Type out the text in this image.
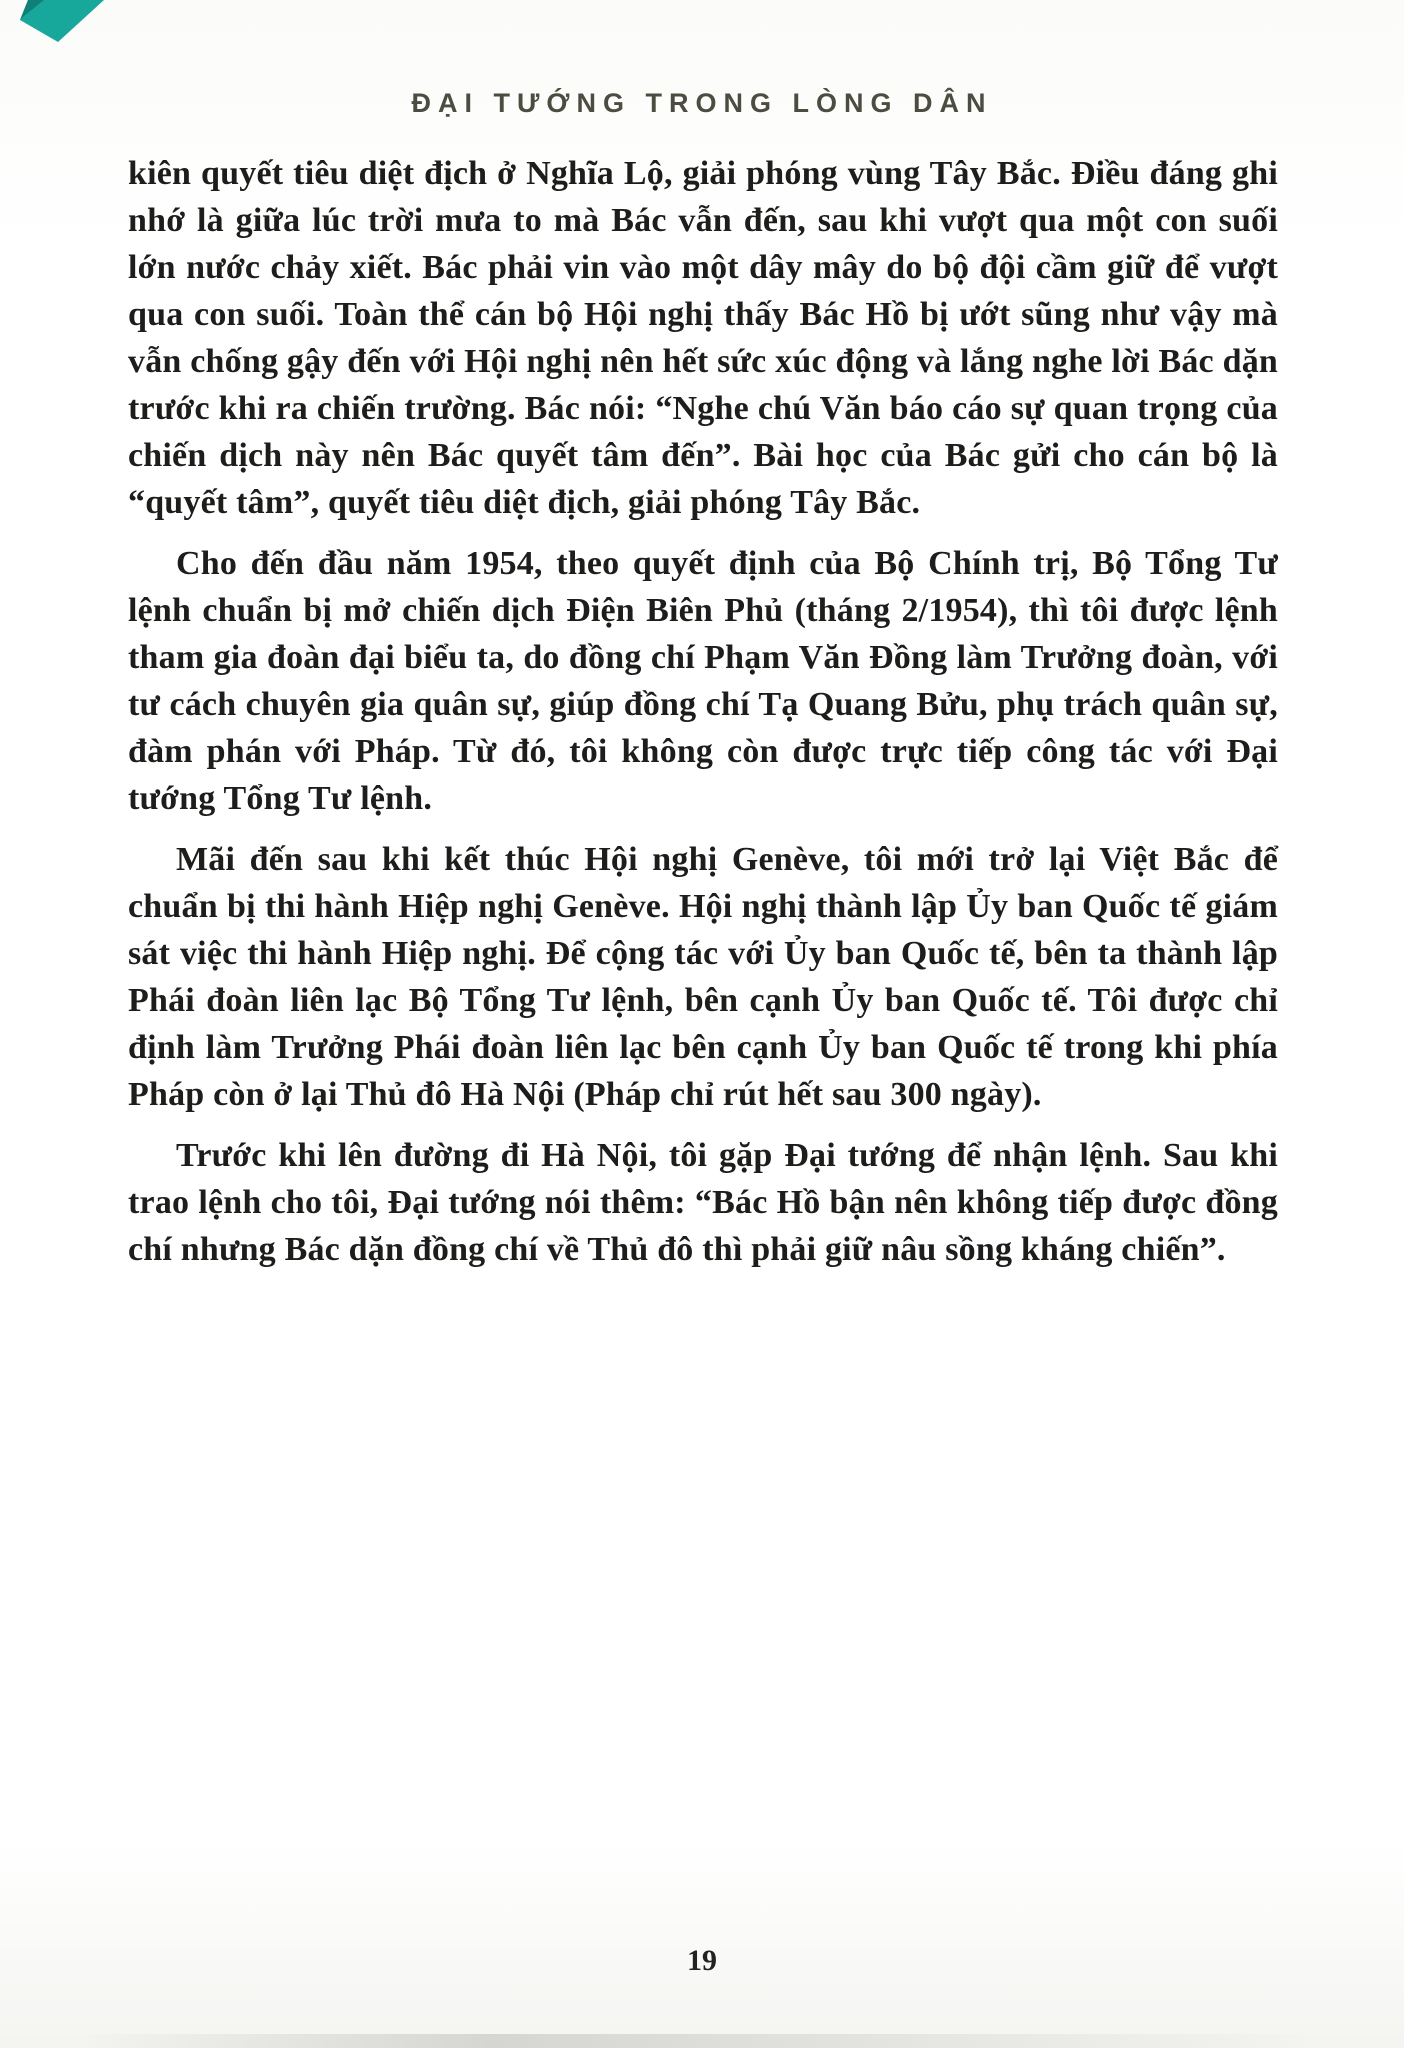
ĐẠI TƯỚNG TRONG LÒNG DÂN

kiên quyết tiêu diệt địch ở Nghĩa Lộ, giải phóng vùng Tây Bắc. Điều đáng ghi nhớ là giữa lúc trời mưa to mà Bác vẫn đến, sau khi vượt qua một con suối lớn nước chảy xiết. Bác phải vin vào một dây mây do bộ đội cầm giữ để vượt qua con suối. Toàn thể cán bộ Hội nghị thấy Bác Hồ bị ướt sũng như vậy mà vẫn chống gậy đến với Hội nghị nên hết sức xúc động và lắng nghe lời Bác dặn trước khi ra chiến trường. Bác nói: “Nghe chú Văn báo cáo sự quan trọng của chiến dịch này nên Bác quyết tâm đến”. Bài học của Bác gửi cho cán bộ là “quyết tâm”, quyết tiêu diệt địch, giải phóng Tây Bắc.

Cho đến đầu năm 1954, theo quyết định của Bộ Chính trị, Bộ Tổng Tư lệnh chuẩn bị mở chiến dịch Điện Biên Phủ (tháng 2/1954), thì tôi được lệnh tham gia đoàn đại biểu ta, do đồng chí Phạm Văn Đồng làm Trưởng đoàn, với tư cách chuyên gia quân sự, giúp đồng chí Tạ Quang Bửu, phụ trách quân sự, đàm phán với Pháp. Từ đó, tôi không còn được trực tiếp công tác với Đại tướng Tổng Tư lệnh.

Mãi đến sau khi kết thúc Hội nghị Genève, tôi mới trở lại Việt Bắc để chuẩn bị thi hành Hiệp nghị Genève. Hội nghị thành lập Ủy ban Quốc tế giám sát việc thi hành Hiệp nghị. Để cộng tác với Ủy ban Quốc tế, bên ta thành lập Phái đoàn liên lạc Bộ Tổng Tư lệnh, bên cạnh Ủy ban Quốc tế. Tôi được chỉ định làm Trưởng Phái đoàn liên lạc bên cạnh Ủy ban Quốc tế trong khi phía Pháp còn ở lại Thủ đô Hà Nội (Pháp chỉ rút hết sau 300 ngày).

Trước khi lên đường đi Hà Nội, tôi gặp Đại tướng để nhận lệnh. Sau khi trao lệnh cho tôi, Đại tướng nói thêm: “Bác Hồ bận nên không tiếp được đồng chí nhưng Bác dặn đồng chí về Thủ đô thì phải giữ nâu sồng kháng chiến”.

19
